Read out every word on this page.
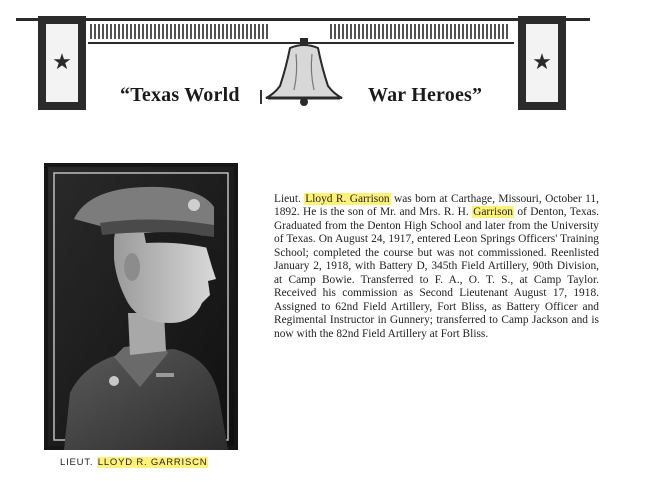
★	★
“Texas World	War Heroes”
LIEUT. LLOYD R. GARRISCN
Lieut. Lloyd R. Garrison was born at Carthage, Missouri, October 11, 1892. He is the son of Mr. and Mrs. R. H. Garrison of Denton, Texas. Graduated from the Denton High School and later from the University of Texas. On August 24, 1917, entered Leon Springs Officers' Training School; completed the course but was not commissioned. Reenlisted January 2, 1918, with Battery D, 345th Field Artillery, 90th Division, at Camp Bowie. Transferred to F. A., O. T. S., at Camp Taylor. Received his commission as Second Lieutenant August 17, 1918. Assigned to 62nd Field Artillery, Fort Bliss, as Battery Officer and Regimental Instructor in Gunnery; transferred to Camp Jackson and is now with the 82nd Field Artillery at Fort Bliss.
